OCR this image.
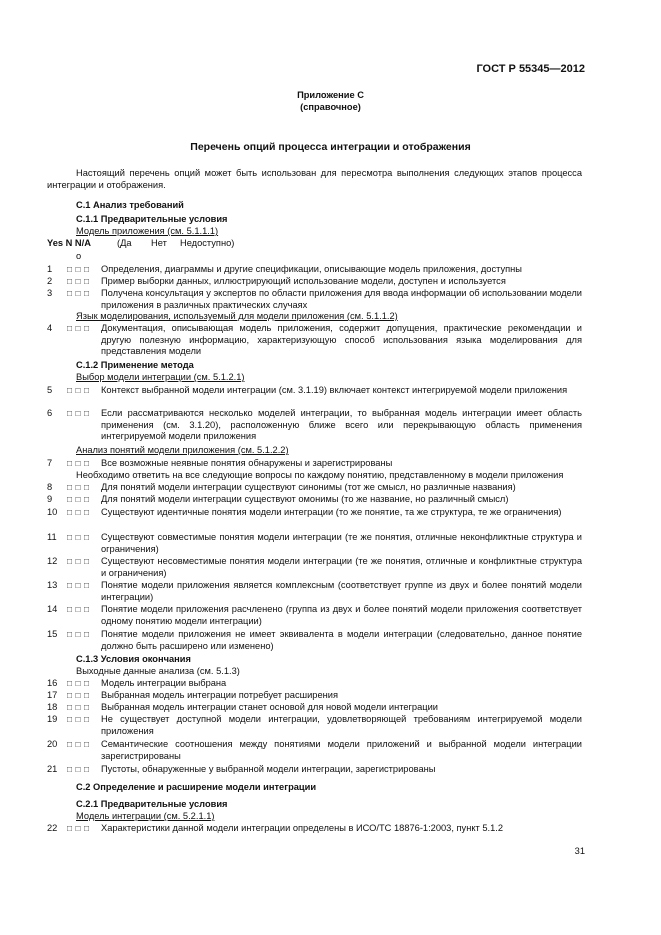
ГОСТ Р 55345—2012
Приложение С
(справочное)
Перечень опций процесса интеграции и отображения
Настоящий перечень опций может быть использован для пересмотра выполнения следующих этапов процесса интеграции и отображения.
С.1 Анализ требований
С.1.1 Предварительные условия
Модель приложения (см. 5.1.1.1)
Yes N N/A	(Да Нет Недоступно)
o
1	□ □ □	Определения, диаграммы и другие спецификации, описывающие модель приложения, доступны
2	□ □ □	Пример выборки данных, иллюстрирующий использование модели, доступен и используется
3	□ □ □	Получена консультация у экспертов по области приложения для ввода информации об использовании модели приложения в различных практических случаях
Язык моделирования, используемый для модели приложения (см. 5.1.1.2)
4	□ □ □	Документация, описывающая модель приложения, содержит допущения, практические рекомендации и другую полезную информацию, характеризующую способ использования языка моделирования для представления модели
С.1.2 Применение метода
Выбор модели интеграции (см. 5.1.2.1)
5	□ □ □	Контекст выбранной модели интеграции (см. 3.1.19) включает контекст интегрируемой модели приложения
6	□ □ □	Если рассматриваются несколько моделей интеграции, то выбранная модель интеграции имеет область применения (см. 3.1.20), расположенную ближе всего или перекрывающую область применения интегрируемой модели приложения
Анализ понятий модели приложения (см. 5.1.2.2)
7	□ □ □	Все возможные неявные понятия обнаружены и зарегистрированы
Необходимо ответить на все следующие вопросы по каждому понятию, представленному в модели приложения
8	□ □ □	Для понятий модели интеграции существуют синонимы (тот же смысл, но различные названия)
9	□ □ □	Для понятий модели интеграции существуют омонимы (то же название, но различный смысл)
10	□ □ □	Существуют идентичные понятия модели интеграции (то же понятие, та же структура, те же ограничения)
11	□ □ □	Существуют совместимые понятия модели интеграции (те же понятия, отличные неконфликтные структура и ограничения)
12	□ □ □	Существуют несовместимые понятия модели интеграции (те же понятия, отличные и конфликтные структура и ограничения)
13	□ □ □	Понятие модели приложения является комплексным (соответствует группе из двух и более понятий модели интеграции)
14	□ □ □	Понятие модели приложения расчленено (группа из двух и более понятий модели приложения соответствует одному понятию модели интеграции)
15	□ □ □	Понятие модели приложения не имеет эквивалента в модели интеграции (следовательно, данное понятие должно быть расширено или изменено)
С.1.3 Условия окончания
Выходные данные анализа (см. 5.1.3)
16	□ □ □	Модель интеграции выбрана
17	□ □ □	Выбранная модель интеграции потребует расширения
18	□ □ □	Выбранная модель интеграции станет основой для новой модели интеграции
19	□ □ □	Не существует доступной модели интеграции, удовлетворяющей требованиям интегрируемой модели приложения
20	□ □ □	Семантические соотношения между понятиями модели приложений и выбранной модели интеграции зарегистрированы
21	□ □ □	Пустоты, обнаруженные у выбранной модели интеграции, зарегистрированы
С.2 Определение и расширение модели интеграции
С.2.1 Предварительные условия
Модель интеграции (см. 5.2.1.1)
22	□ □ □	Характеристики данной модели интеграции определены в ИСО/ТС 18876-1:2003, пункт 5.1.2
31
